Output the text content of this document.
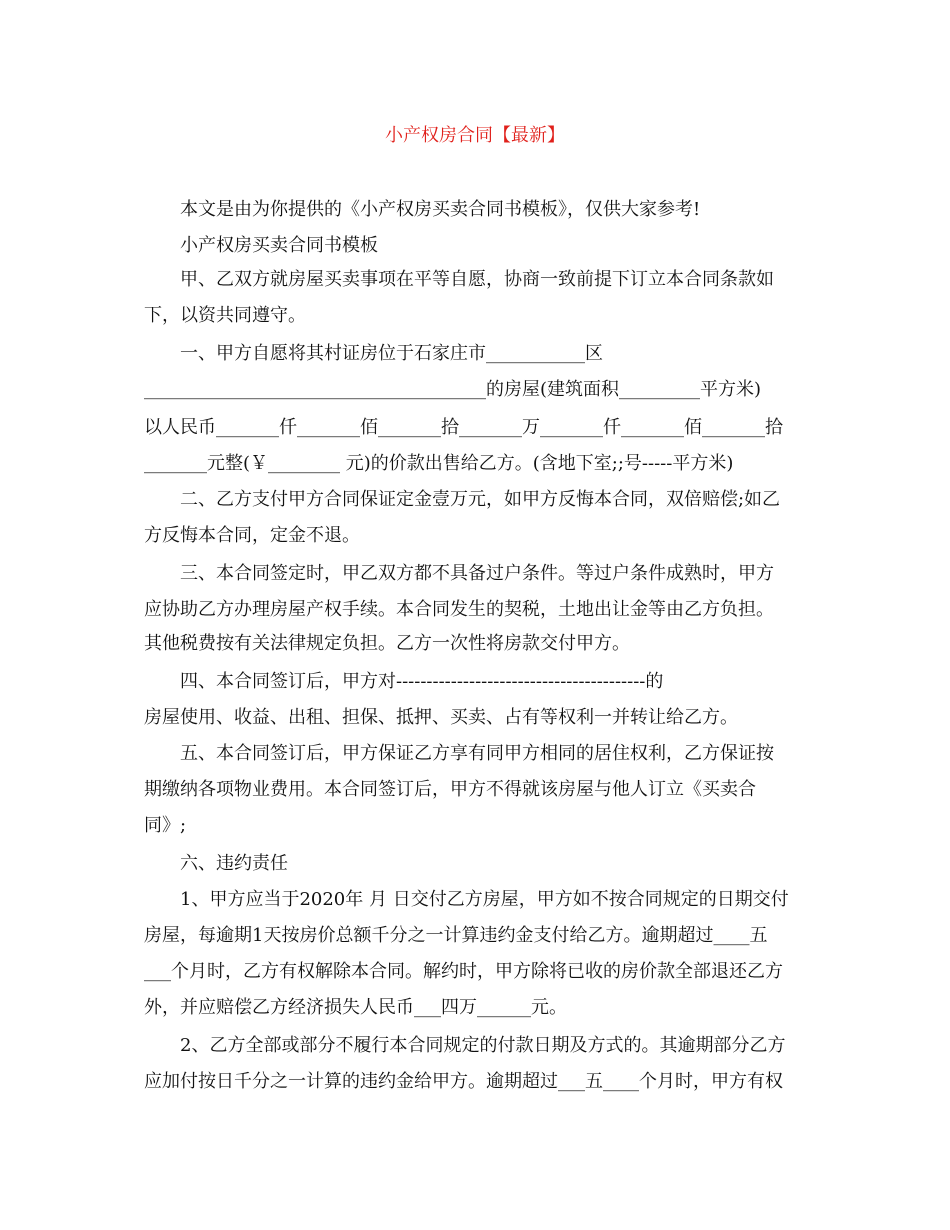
小产权房合同【最新】
本文是由为你提供的《小产权房买卖合同书模板》，仅供大家参考!
小产权房买卖合同书模板
甲、乙双方就房屋买卖事项在平等自愿，协商一致前提下订立本合同条款如
下，以资共同遵守。
一、甲方自愿将其村证房位于石家庄市___________区
______________________________________的房屋(建筑面积_________平方米)
以人民币_______仟_______佰_______拾_______万_______仟_______佰_______拾
_______元整(￥________ 元)的价款出售给乙方。(含地下室;;号-----平方米)
二、乙方支付甲方合同保证定金壹万元，如甲方反悔本合同，双倍赔偿;如乙
方反悔本合同，定金不退。
三、本合同签定时，甲乙双方都不具备过户条件。等过户条件成熟时，甲方
应协助乙方办理房屋产权手续。本合同发生的契税，土地出让金等由乙方负担。
其他税费按有关法律规定负担。乙方一次性将房款交付甲方。
四、本合同签订后，甲方对-----------------------------------------的
房屋使用、收益、出租、担保、抵押、买卖、占有等权利一并转让给乙方。
五、本合同签订后，甲方保证乙方享有同甲方相同的居住权利，乙方保证按
期缴纳各项物业费用。本合同签订后，甲方不得就该房屋与他人订立《买卖合
同》;
六、违约责任
1、甲方应当于2020年 月 日交付乙方房屋，甲方如不按合同规定的日期交付
房屋，每逾期1天按房价总额千分之一计算违约金支付给乙方。逾期超过____五
___个月时，乙方有权解除本合同。解约时，甲方除将已收的房价款全部退还乙方
外，并应赔偿乙方经济损失人民币___四万______元。
2、乙方全部或部分不履行本合同规定的付款日期及方式的。其逾期部分乙方
应加付按日千分之一计算的违约金给甲方。逾期超过___五____个月时，甲方有权
